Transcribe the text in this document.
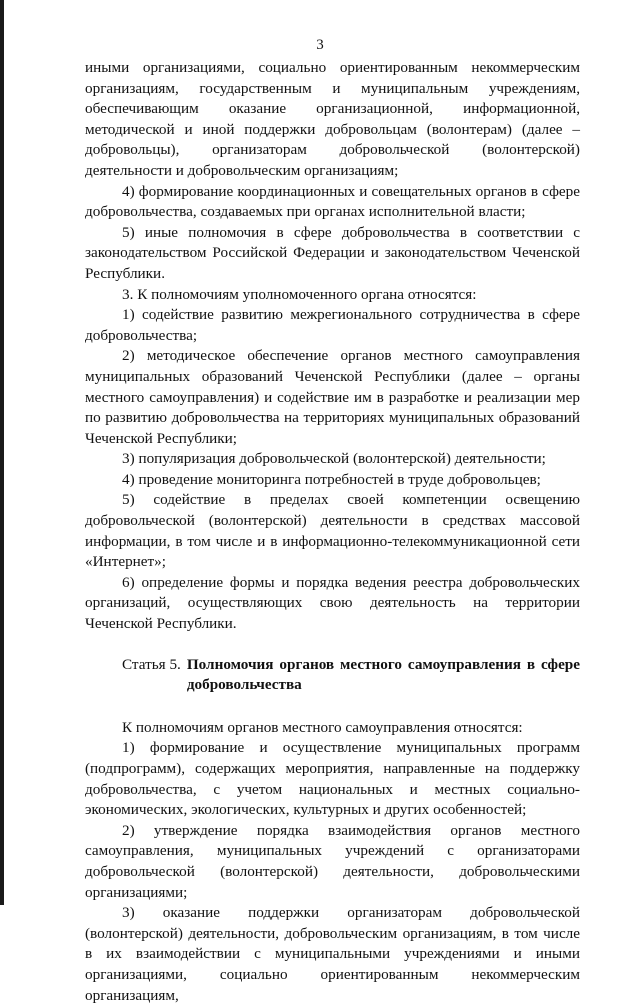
3

иными организациями, социально ориентированным некоммерческим организациям, государственным и муниципальным учреждениям, обеспечивающим оказание организационной, информационной, методической и иной поддержки добровольцам (волонтерам) (далее – добровольцы), организаторам добровольческой (волонтерской) деятельности и добровольческим организациям;

4) формирование координационных и совещательных органов в сфере добровольчества, создаваемых при органах исполнительной власти;

5) иные полномочия в сфере добровольчества в соответствии с законодательством Российской Федерации и законодательством Чеченской Республики.

3. К полномочиям уполномоченного органа относятся:

1) содействие развитию межрегионального сотрудничества в сфере добровольчества;

2) методическое обеспечение органов местного самоуправления муниципальных образований Чеченской Республики (далее – органы местного самоуправления) и содействие им в разработке и реализации мер по развитию добровольчества на территориях муниципальных образований Чеченской Республики;

3) популяризация добровольческой (волонтерской) деятельности;

4) проведение мониторинга потребностей в труде добровольцев;

5) содействие в пределах своей компетенции освещению добровольческой (волонтерской) деятельности в средствах массовой информации, в том числе и в информационно-телекоммуникационной сети «Интернет»;

6) определение формы и порядка ведения реестра добровольческих организаций, осуществляющих свою деятельность на территории Чеченской Республики.

Статья 5. Полномочия органов местного самоуправления в сфере добровольчества

К полномочиям органов местного самоуправления относятся:

1) формирование и осуществление муниципальных программ (подпрограмм), содержащих мероприятия, направленные на поддержку добровольчества, с учетом национальных и местных социально-экономических, экологических, культурных и других особенностей;

2) утверждение порядка взаимодействия органов местного самоуправления, муниципальных учреждений с организаторами добровольческой (волонтерской) деятельности, добровольческими организациями;

3) оказание поддержки организаторам добровольческой (волонтерской) деятельности, добровольческим организациям, в том числе в их взаимодействии с муниципальными учреждениями и иными организациями, социально ориентированным некоммерческим организациям,
